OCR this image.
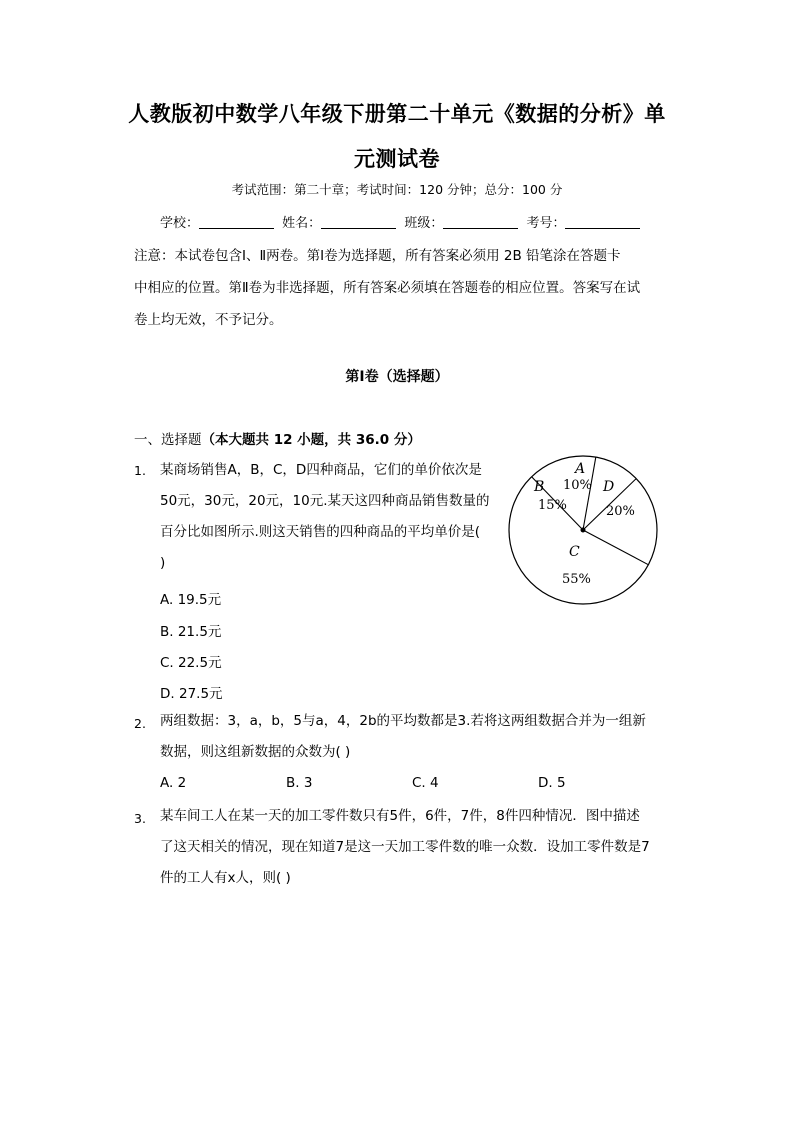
人教版初中数学八年级下册第二十单元《数据的分析》单
元测试卷
考试范围：第二十章；考试时间：120 分钟；总分：100 分
学校：	姓名：	班级：	考号：
注意：本试卷包含Ⅰ、Ⅱ两卷。第Ⅰ卷为选择题，所有答案必须用 2B 铅笔涂在答题卡
中相应的位置。第Ⅱ卷为非选择题，所有答案必须填在答题卷的相应位置。答案写在试
卷上均无效，不予记分。
第Ⅰ卷（选择题）
一、选择题（本大题共 12 小题，共 36.0 分）
1. 某商场销售A，B，C，D四种商品，它们的单价依次是
50元，30元，20元，10元.某天这四种商品销售数量的
百分比如图所示.则这天销售的四种商品的平均单价是(
)
A
10% D
20%
C
55%
B
15%
A. 19.5元
B. 21.5元
C. 22.5元
D. 27.5元
2. 两组数据：3，a，b，5与a，4，2b的平均数都是3.若将这两组数据合并为一组新
数据，则这组新数据的众数为( )
A. 2	B. 3	C. 4	D. 5
3. 某车间工人在某一天的加工零件数只有5件，6件，7件，8件四种情况．图中描述
了这天相关的情况，现在知道7是这一天加工零件数的唯一众数．设加工零件数是7
件的工人有x人，则( )
